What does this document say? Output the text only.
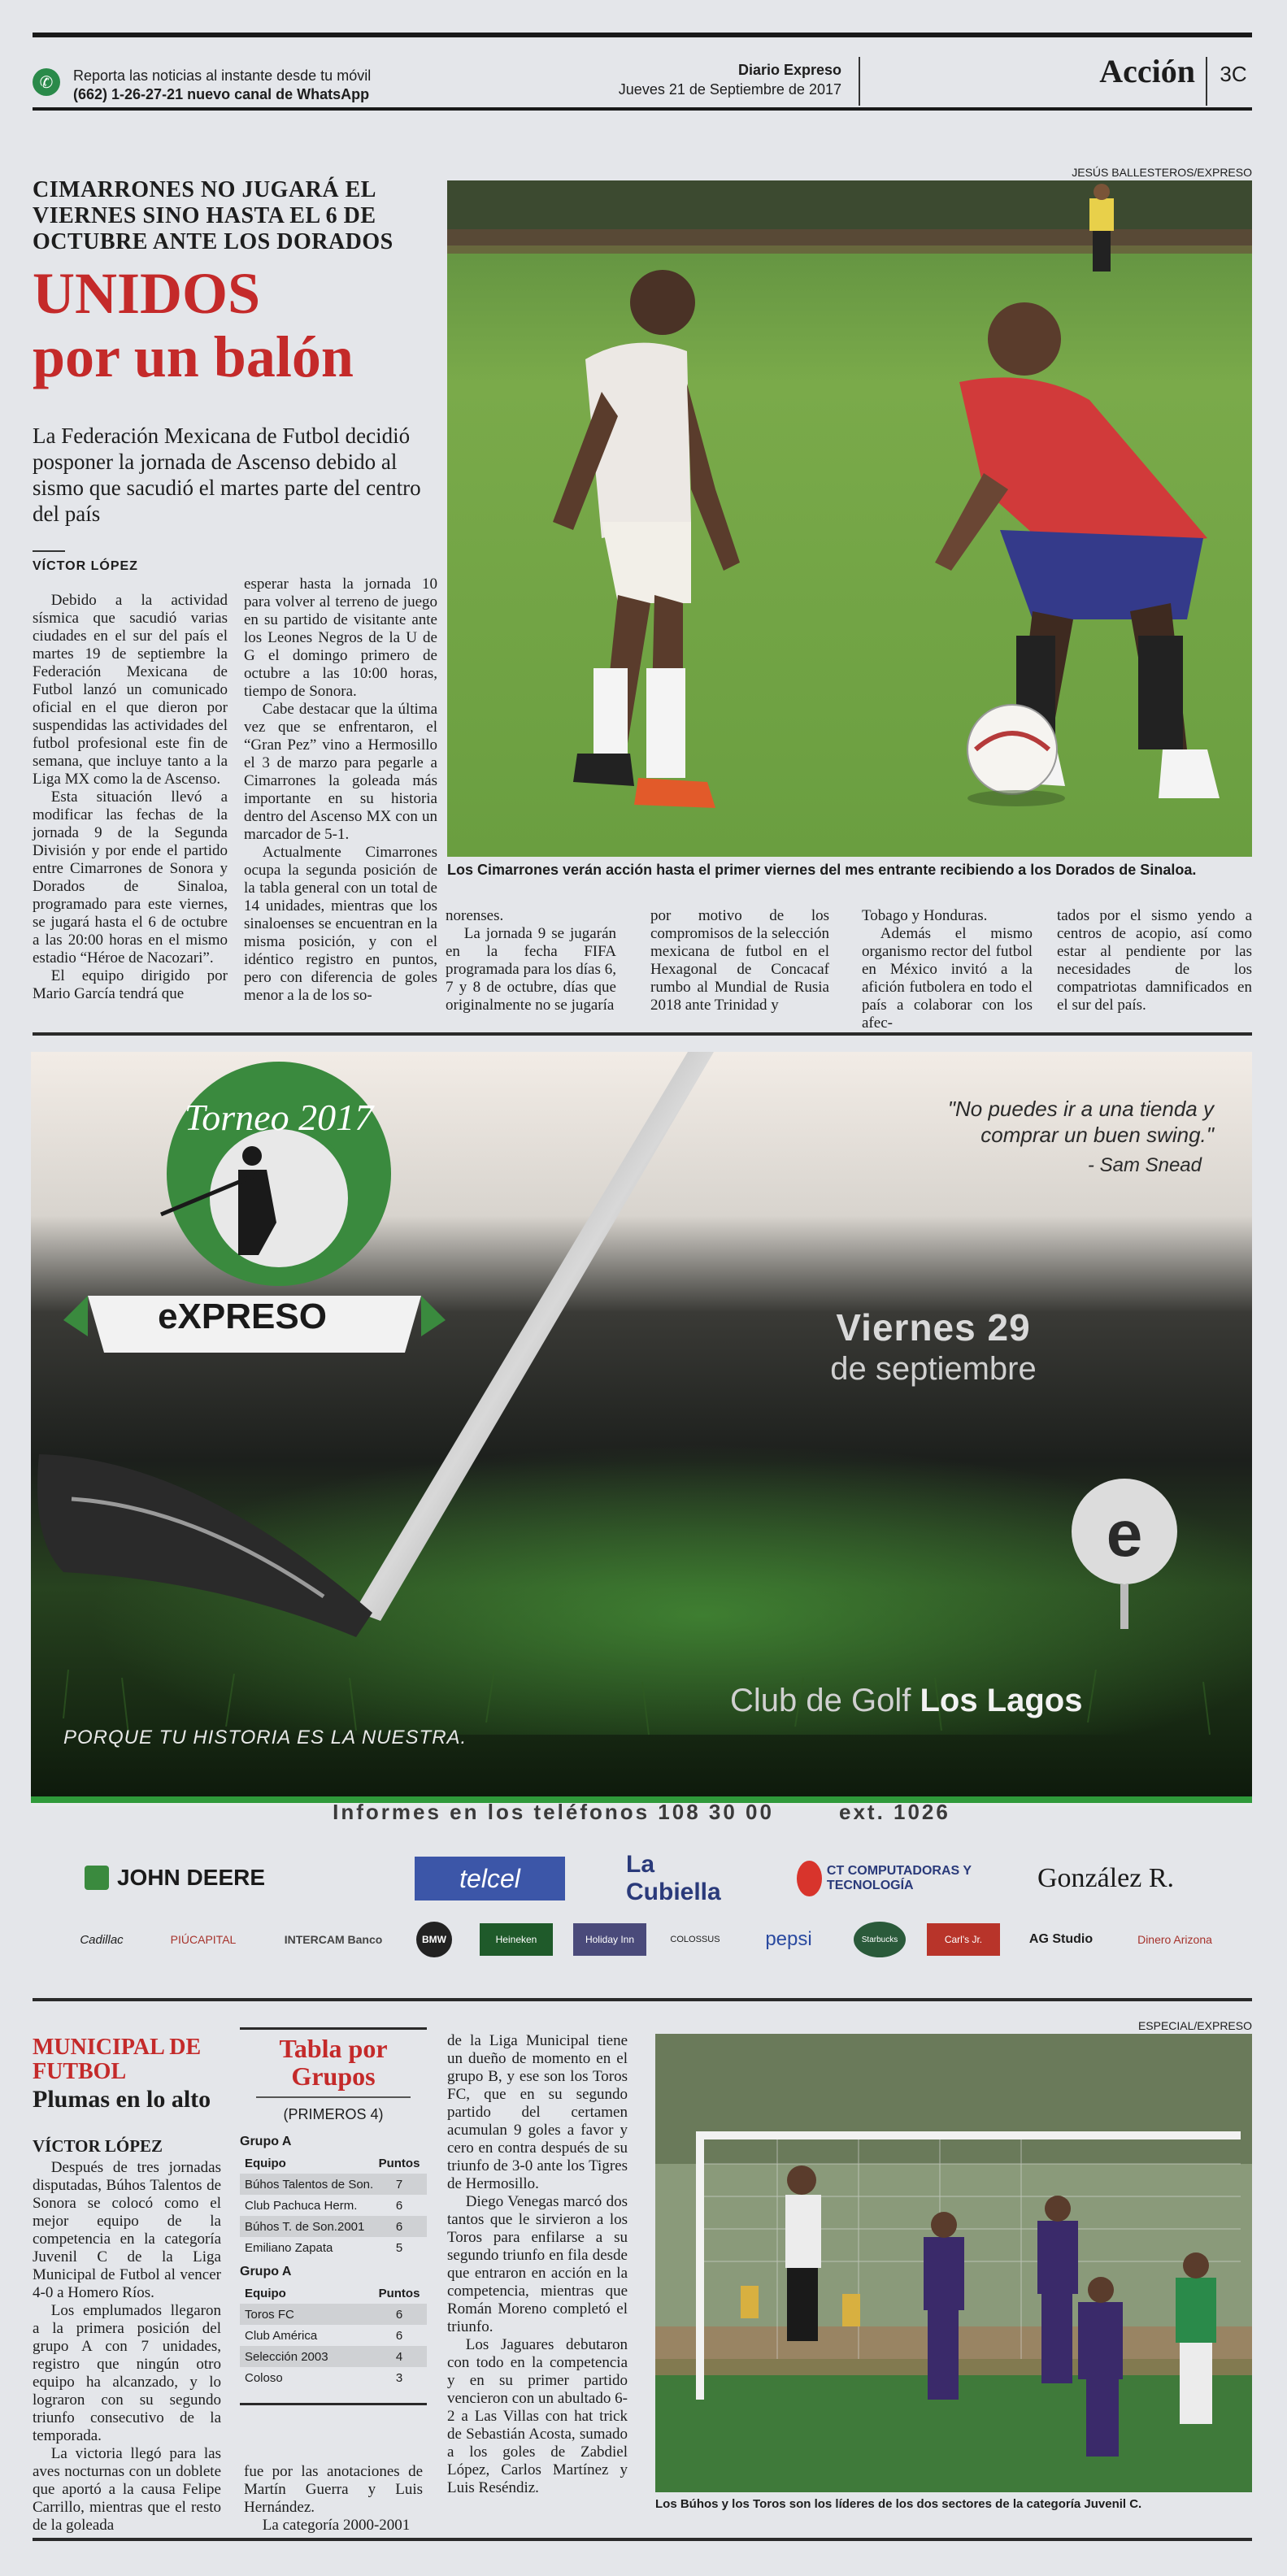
✆	Reporta las noticias al instante desde tu móvil
(662) 1-26-27-21 nuevo canal de WhatsApp
Diario Expreso
Jueves 21 de Septiembre de 2017	Acción	3C
CIMARRONES NO JUGARÁ EL VIERNES SINO HASTA EL 6 DE OCTUBRE ANTE LOS DORADOS
UNIDOS
por un balón
La Federación Mexicana de Futbol decidió posponer la jornada de Ascenso debido al sismo que sacudió el martes parte del centro del país
VÍCTOR LÓPEZ

Debido a la actividad sísmica que sacudió varias ciudades en el sur del país el martes 19 de septiembre la Federación Mexicana de Futbol lanzó un comunicado oficial en el que dieron por suspendidas las actividades del futbol profesional este fin de semana, que incluye tanto a la Liga MX como la de Ascenso.

Esta situación llevó a modificar las fechas de la jornada 9 de la Segunda División y por ende el partido entre Cimarrones de Sonora y Dorados de Sinaloa, programado para este viernes, se jugará hasta el 6 de octubre a las 20:00 horas en el mismo estadio “Héroe de Nacozari”.

El equipo dirigido por Mario García tendrá que

esperar hasta la jornada 10 para volver al terreno de juego en su partido de visitante ante los Leones Negros de la U de G el domingo primero de octubre a las 10:00 horas, tiempo de Sonora.

Cabe destacar que la última vez que se enfrentaron, el “Gran Pez” vino a Hermosillo el 3 de marzo para pegarle a Cimarrones la goleada más importante en su historia dentro del Ascenso MX con un marcador de 5-1.

Actualmente Cimarrones ocupa la segunda posición de la tabla general con un total de 14 unidades, mientras que los sinaloenses se encuentran en la misma posición, y con el idéntico registro en puntos, pero con diferencia de goles menor a la de los so-

JESÚS BALLESTEROS/EXPRESO
Los Cimarrones verán acción hasta el primer viernes del mes entrante recibiendo a los Dorados de Sinaloa.

norenses.

La jornada 9 se jugarán en la fecha FIFA programada para los días 6, 7 y 8 de octubre, días que originalmente no se jugaría

por motivo de los compromisos de la selección mexicana de futbol en el Hexagonal de Concacaf rumbo al Mundial de Rusia 2018 ante Trinidad y

Tobago y Honduras.

Además el mismo organismo rector del futbol en México invitó a la afición futbolera en todo el país a colaborar con los afec-

tados por el sismo yendo a centros de acopio, así como estar al pendiente por las necesidades de los compatriotas damnificados en el sur del país.

e
Torneo 2017
eXPRESO
"No puedes ir a una tienda y comprar un buen swing."
- Sam Snead
Viernes 29
de septiembre
Club de Golf Los Lagos
PORQUE TU HISTORIA ES LA NUESTRA.
Informes en los teléfonos 108 30 00	ext. 1026
JOHN DEERE	telcel	La Cubiella
CT COMPUTADORAS Y TECNOLOGÍA	González R.
Cadillac	PIÚCAPITAL	INTERCAM Banco	BMW	Heineken	Holiday Inn	COLOSSUS	pepsi	Starbucks	Carl's Jr.	AG Studio	Dinero Arizona
MUNICIPAL DE FUTBOL
Plumas en lo alto
VÍCTOR LÓPEZ

Después de tres jornadas disputadas, Búhos Talentos de Sonora se colocó como el mejor equipo de la competencia en la categoría Juvenil C de la Liga Municipal de Futbol al vencer 4-0 a Homero Ríos.

Los emplumados llegaron a la primera posición del grupo A con 7 unidades, registro que ningún otro equipo ha alcanzado, y lo lograron con su segundo triunfo consecutivo de la temporada.

La victoria llegó para las aves nocturnas con un doblete que aportó a la causa Felipe Carrillo, mientras que el resto de la goleada

Tabla por
Grupos
(PRIMEROS 4)
Grupo A
Equipo	Puntos
Búhos Talentos de Son.	7
Club Pachuca Herm.	6
Búhos T. de Son.2001	6
Emiliano Zapata	5
Grupo A
Equipo	Puntos
Toros FC	6
Club América	6
Selección 2003	4
Coloso	3

fue por las anotaciones de Martín Guerra y Luis Hernández.

La categoría 2000-2001

de la Liga Municipal tiene un dueño de momento en el grupo B, y ese son los Toros FC, que en su segundo partido del certamen acumulan 9 goles a favor y cero en contra después de su triunfo de 3-0 ante los Tigres de Hermosillo.

Diego Venegas marcó dos tantos que le sirvieron a los Toros para enfilarse a su segundo triunfo en fila desde que entraron en acción en la competencia, mientras que Román Moreno completó el triunfo.

Los Jaguares debutaron con todo en la competencia y en su primer partido vencieron con un abultado 6-2 a Las Villas con hat trick de Sebastián Acosta, sumado a los goles de Zabdiel López, Carlos Martínez y Luis Reséndiz.

ESPECIAL/EXPRESO
Los Búhos y los Toros son los líderes de los dos sectores de la categoría Juvenil C.
